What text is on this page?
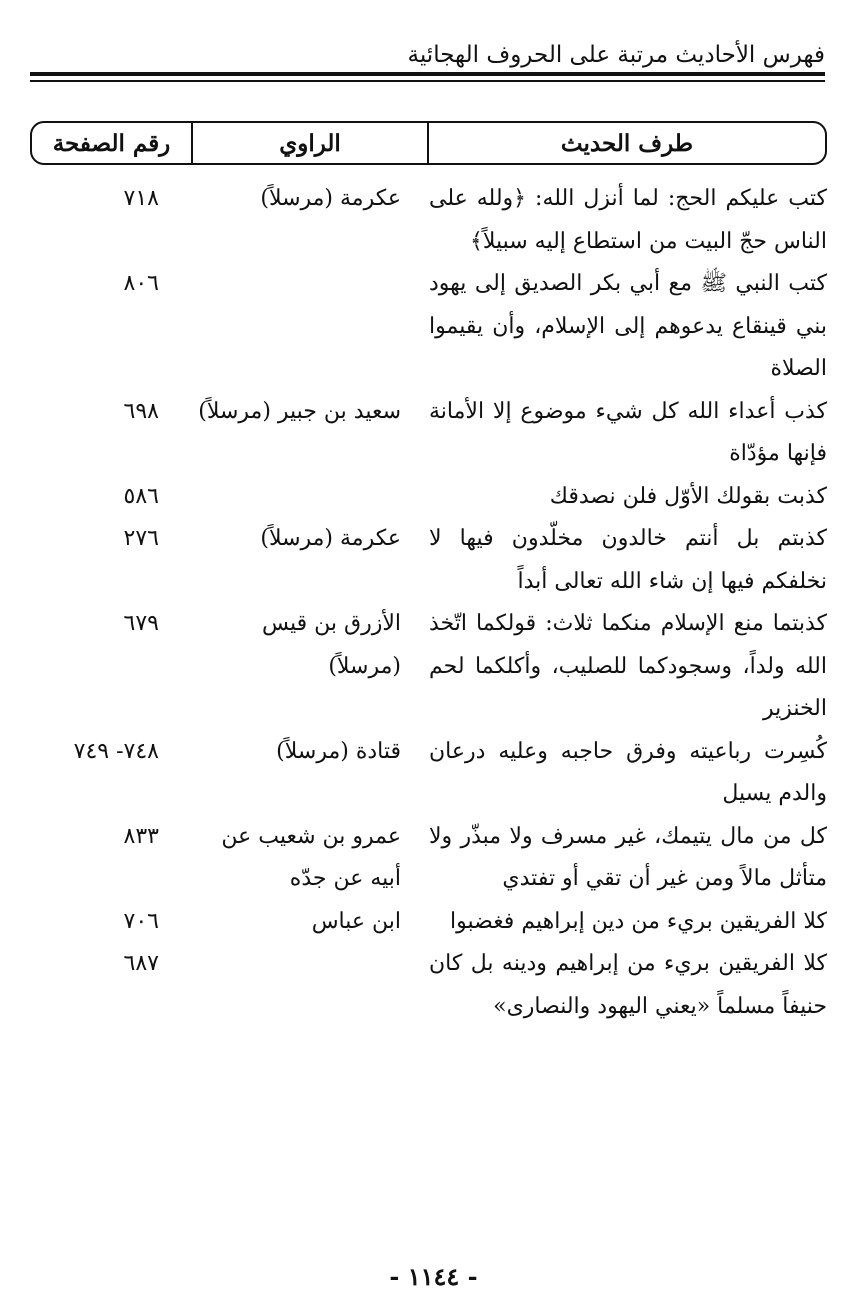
فهرس الأحاديث مرتبة على الحروف الهجائية
طرف الحديث
الراوي
رقم الصفحة
كتب عليكم الحج: لما أنزل الله: ﴿ولله على الناس حجّ البيت من استطاع إليه سبيلاً﴾
عكرمة (مرسلاً)
٧١٨
كتب النبي ﷺ مع أبي بكر الصديق إلى يهود بني قينقاع يدعوهم إلى الإسلام، وأن يقيموا الصلاة
٨٠٦
كذب أعداء الله كل شيء موضوع إلا الأمانة فإنها مؤدّاة
سعيد بن جبير (مرسلاً)
٦٩٨
كذبت بقولك الأوّل فلن نصدقك
٥٨٦
كذبتم بل أنتم خالدون مخلّدون فيها لا نخلفكم فيها إن شاء الله تعالى أبداً
عكرمة (مرسلاً)
٢٧٦
كذبتما منع الإسلام منكما ثلاث: قولكما اتّخذ الله ولداً، وسجودكما للصليب، وأكلكما لحم الخنزير
الأزرق بن قيس (مرسلاً)
٦٧٩
كُسِرت رباعيته وفرق حاجبه وعليه درعان والدم يسيل
قتادة (مرسلاً)
٧٤٨- ٧٤٩
كل من مال يتيمك، غير مسرف ولا مبذّر ولا متأثل مالاً ومن غير أن تقي أو تفتدي
عمرو بن شعيب عن أبيه عن جدّه
٨٣٣
كلا الفريقين بريء من دين إبراهيم فغضبوا
ابن عباس
٧٠٦
كلا الفريقين بريء من إبراهيم ودينه بل كان حنيفاً مسلماً «يعني اليهود والنصارى»
٦٨٧
- ١١٤٤ -
